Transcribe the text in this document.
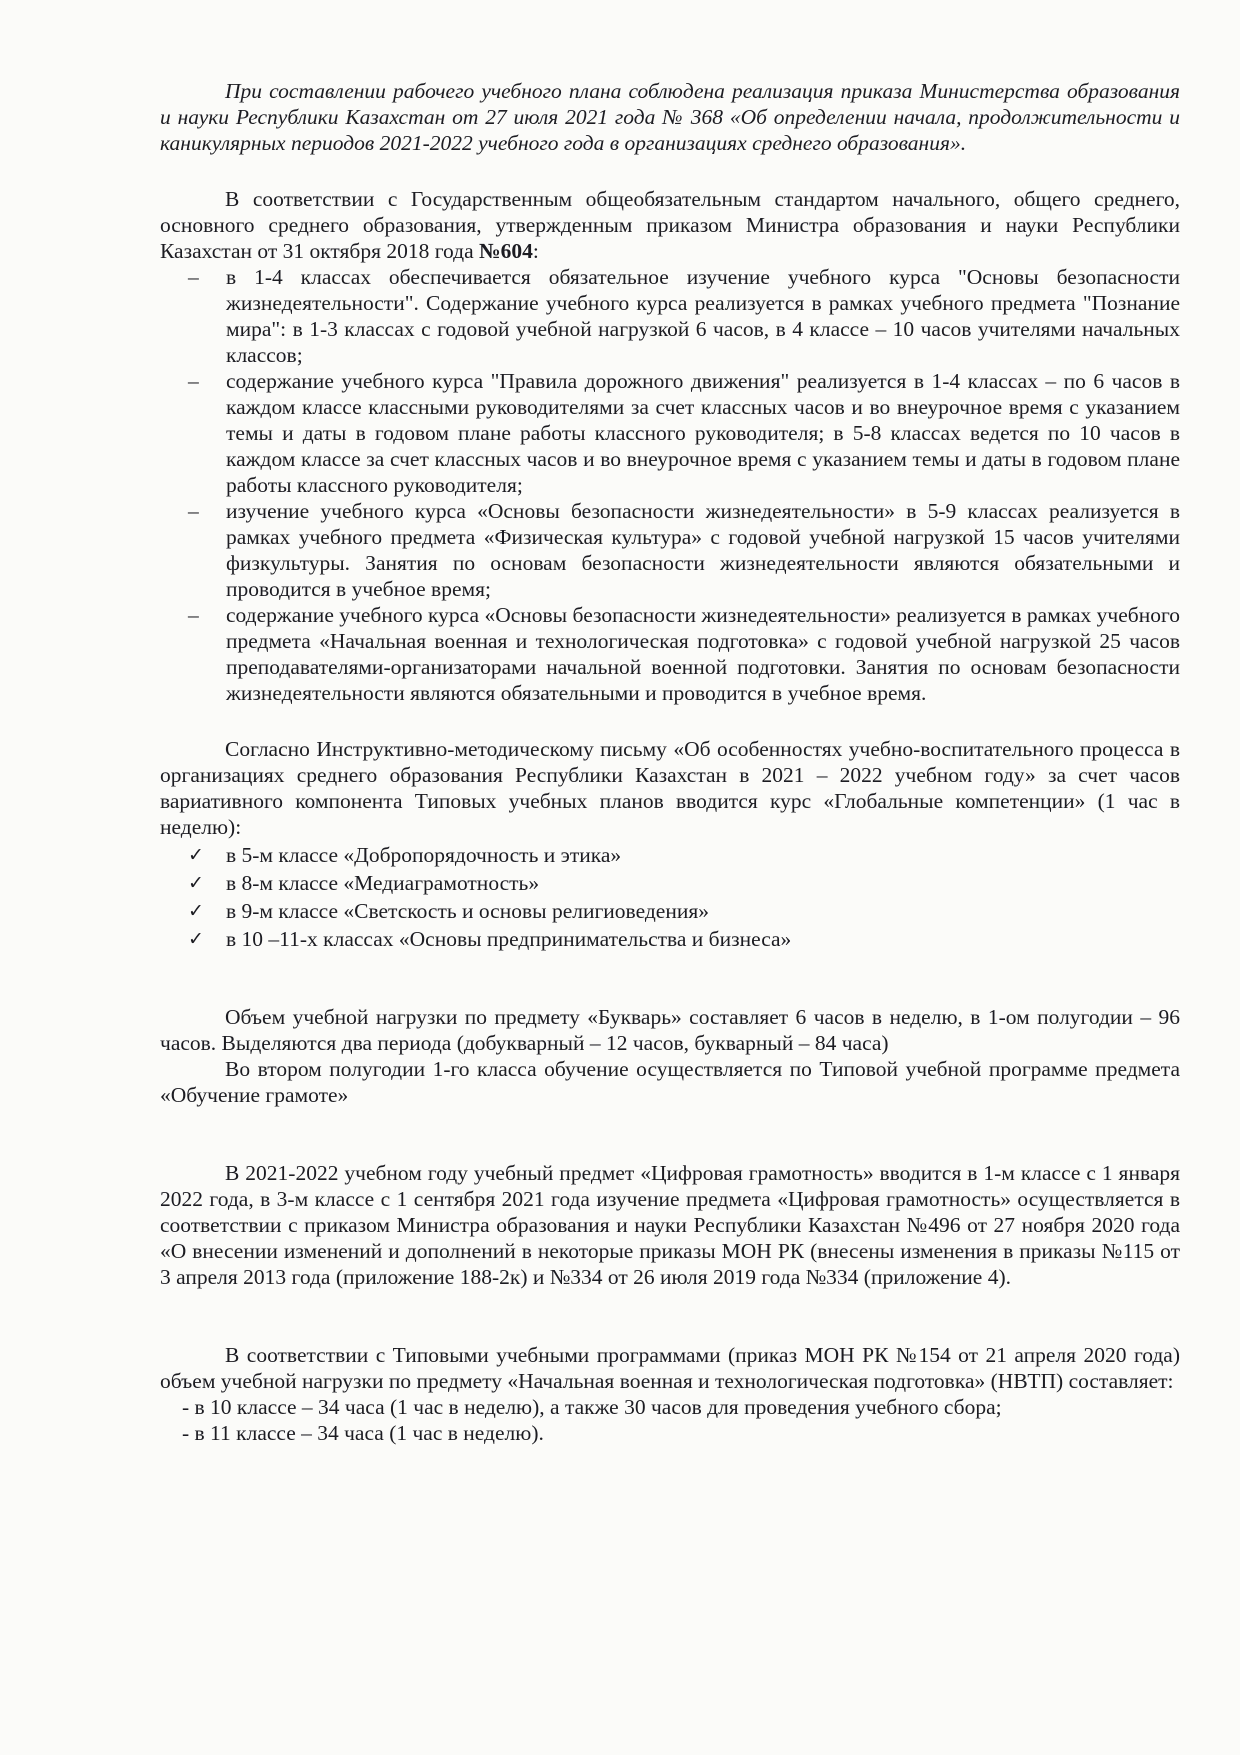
При составлении рабочего учебного плана соблюдена реализация приказа Министерства образования и науки Республики Казахстан от 27 июля 2021 года № 368 «Об определении начала, продолжительности и каникулярных периодов 2021-2022 учебного года в организациях среднего образования».

В соответствии с Государственным общеобязательным стандартом начального, общего среднего, основного среднего образования, утвержденным приказом Министра образования и науки Республики Казахстан от 31 октября 2018 года №604:

– в 1-4 классах обеспечивается обязательное изучение учебного курса "Основы безопасности жизнедеятельности". Содержание учебного курса реализуется в рамках учебного предмета "Познание мира": в 1-3 классах с годовой учебной нагрузкой 6 часов, в 4 классе – 10 часов учителями начальных классов;
– содержание учебного курса "Правила дорожного движения" реализуется в 1-4 классах – по 6 часов в каждом классе классными руководителями за счет классных часов и во внеурочное время с указанием темы и даты в годовом плане работы классного руководителя; в 5-8 классах ведется по 10 часов в каждом классе за счет классных часов и во внеурочное время с указанием темы и даты в годовом плане работы классного руководителя;
– изучение учебного курса «Основы безопасности жизнедеятельности» в 5-9 классах реализуется в рамках учебного предмета «Физическая культура» с годовой учебной нагрузкой 15 часов учителями физкультуры. Занятия по основам безопасности жизнедеятельности являются обязательными и проводится в учебное время;
– содержание учебного курса «Основы безопасности жизнедеятельности» реализуется в рамках учебного предмета «Начальная военная и технологическая подготовка» с годовой учебной нагрузкой 25 часов преподавателями-организаторами начальной военной подготовки. Занятия по основам безопасности жизнедеятельности являются обязательными и проводится в учебное время.

Согласно Инструктивно-методическому письму «Об особенностях учебно-воспитательного процесса в организациях среднего образования Республики Казахстан в 2021 – 2022 учебном году» за счет часов вариативного компонента Типовых учебных планов вводится курс «Глобальные компетенции» (1 час в неделю):

✓ в 5-м классе «Добропорядочность и этика»
✓ в 8-м классе «Медиаграмотность»
✓ в 9-м классе «Светскость и основы религиоведения»
✓ в 10 –11-х классах «Основы предпринимательства и бизнеса»

Объем учебной нагрузки по предмету «Букварь» составляет 6 часов в неделю, в 1-ом полугодии – 96 часов. Выделяются два периода (добукварный – 12 часов, букварный – 84 часа)

Во втором полугодии 1-го класса обучение осуществляется по Типовой учебной программе предмета «Обучение грамоте»

В 2021-2022 учебном году учебный предмет «Цифровая грамотность» вводится в 1-м классе с 1 января 2022 года, в 3-м классе с 1 сентября 2021 года изучение предмета «Цифровая грамотность» осуществляется в соответствии с приказом Министра образования и науки Республики Казахстан №496 от 27 ноября 2020 года «О внесении изменений и дополнений в некоторые приказы МОН РК (внесены изменения в приказы №115 от 3 апреля 2013 года (приложение 188-2к) и №334 от 26 июля 2019 года №334 (приложение 4).

В соответствии с Типовыми учебными программами (приказ МОН РК №154 от 21 апреля 2020 года) объем учебной нагрузки по предмету «Начальная военная и технологическая подготовка» (НВТП) составляет:

- в 10 классе – 34 часа (1 час в неделю), а также 30 часов для проведения учебного сбора;
- в 11 классе – 34 часа (1 час в неделю).
